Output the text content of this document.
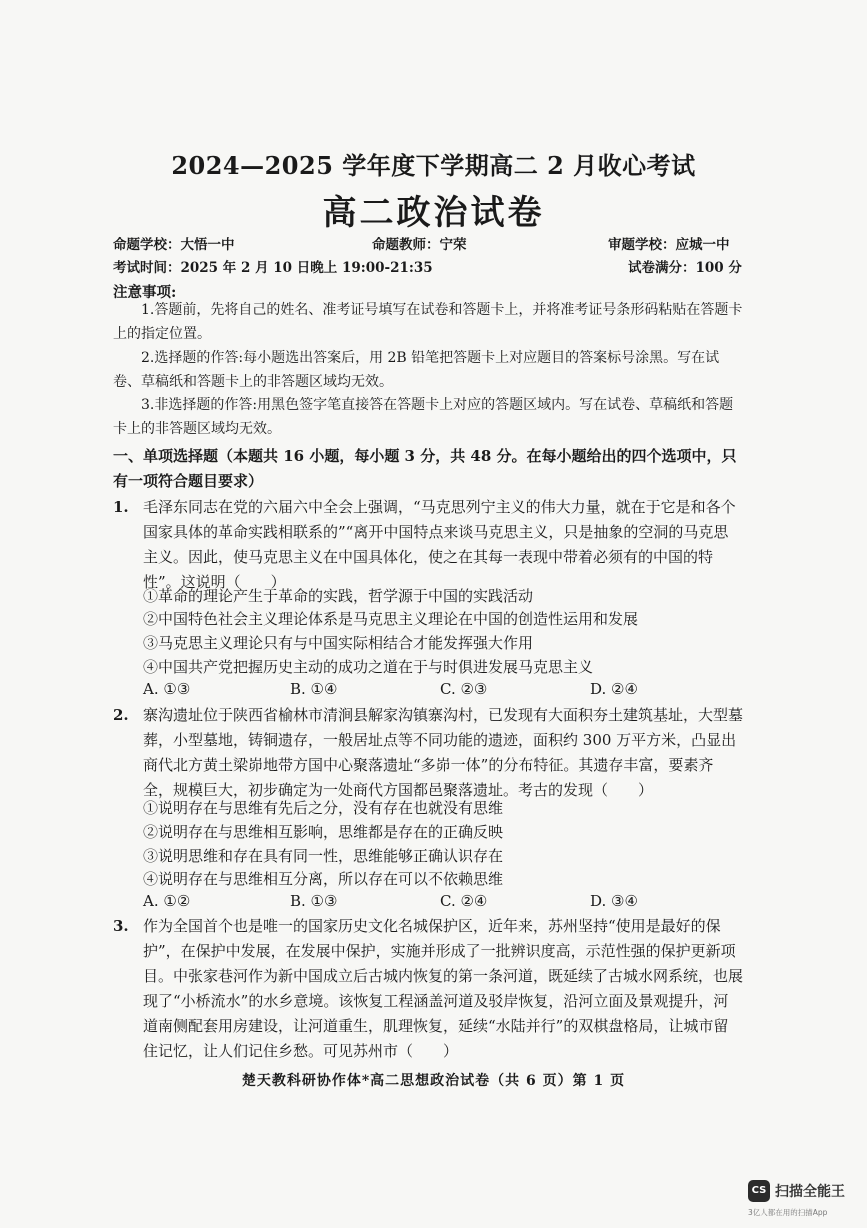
2024—2025 学年度下学期高二 2 月收心考试
高二政治试卷
命题学校：大悟一中	命题教师：宁荣	审题学校：应城一中
考试时间：2025 年 2 月 10 日晚上 19:00-21:35	试卷满分：100 分
注意事项:
1.答题前，先将自己的姓名、准考证号填写在试卷和答题卡上，并将准考证号条形码粘贴在答题卡上的指定位置。
2.选择题的作答:每小题选出答案后，用 2B 铅笔把答题卡上对应题目的答案标号涂黑。写在试卷、草稿纸和答题卡上的非答题区域均无效。
3.非选择题的作答:用黑色签字笔直接答在答题卡上对应的答题区域内。写在试卷、草稿纸和答题卡上的非答题区域均无效。
一、单项选择题（本题共 16 小题，每小题 3 分，共 48 分。在每小题给出的四个选项中，只有一项符合题目要求）
1. 毛泽东同志在党的六届六中全会上强调，“马克思列宁主义的伟大力量，就在于它是和各个国家具体的革命实践相联系的”“离开中国特点来谈马克思主义，只是抽象的空洞的马克思主义。因此，使马克思主义在中国具体化，使之在其每一表现中带着必须有的中国的特性”。这说明（　　）
①革命的理论产生于革命的实践，哲学源于中国的实践活动
②中国特色社会主义理论体系是马克思主义理论在中国的创造性运用和发展
③马克思主义理论只有与中国实际相结合才能发挥强大作用
④中国共产党把握历史主动的成功之道在于与时俱进发展马克思主义
A. ①③	B. ①④	C. ②③	D. ②④
2. 寨沟遗址位于陕西省榆林市清涧县解家沟镇寨沟村，已发现有大面积夯土建筑基址，大型墓葬，小型墓地，铸铜遗存，一般居址点等不同功能的遗迹，面积约 300 万平方米，凸显出商代北方黄土梁峁地带方国中心聚落遗址“多峁一体”的分布特征。其遗存丰富，要素齐全，规模巨大，初步确定为一处商代方国都邑聚落遗址。考古的发现（　　）
①说明存在与思维有先后之分，没有存在也就没有思维
②说明存在与思维相互影响，思维都是存在的正确反映
③说明思维和存在具有同一性，思维能够正确认识存在
④说明存在与思维相互分离，所以存在可以不依赖思维
A. ①②	B. ①③	C. ②④	D. ③④
3. 作为全国首个也是唯一的国家历史文化名城保护区，近年来，苏州坚持“使用是最好的保护”，在保护中发展，在发展中保护，实施并形成了一批辨识度高，示范性强的保护更新项目。中张家巷河作为新中国成立后古城内恢复的第一条河道，既延续了古城水网系统，也展现了“小桥流水”的水乡意境。该恢复工程涵盖河道及驳岸恢复，沿河立面及景观提升，河道南侧配套用房建设，让河道重生，肌理恢复，延续“水陆并行”的双棋盘格局，让城市留住记忆，让人们记住乡愁。可见苏州市（　　）
楚天教科研协作体*高二思想政治试卷（共 6 页）第 1 页
CS 扫描全能王
3亿人都在用的扫描App
